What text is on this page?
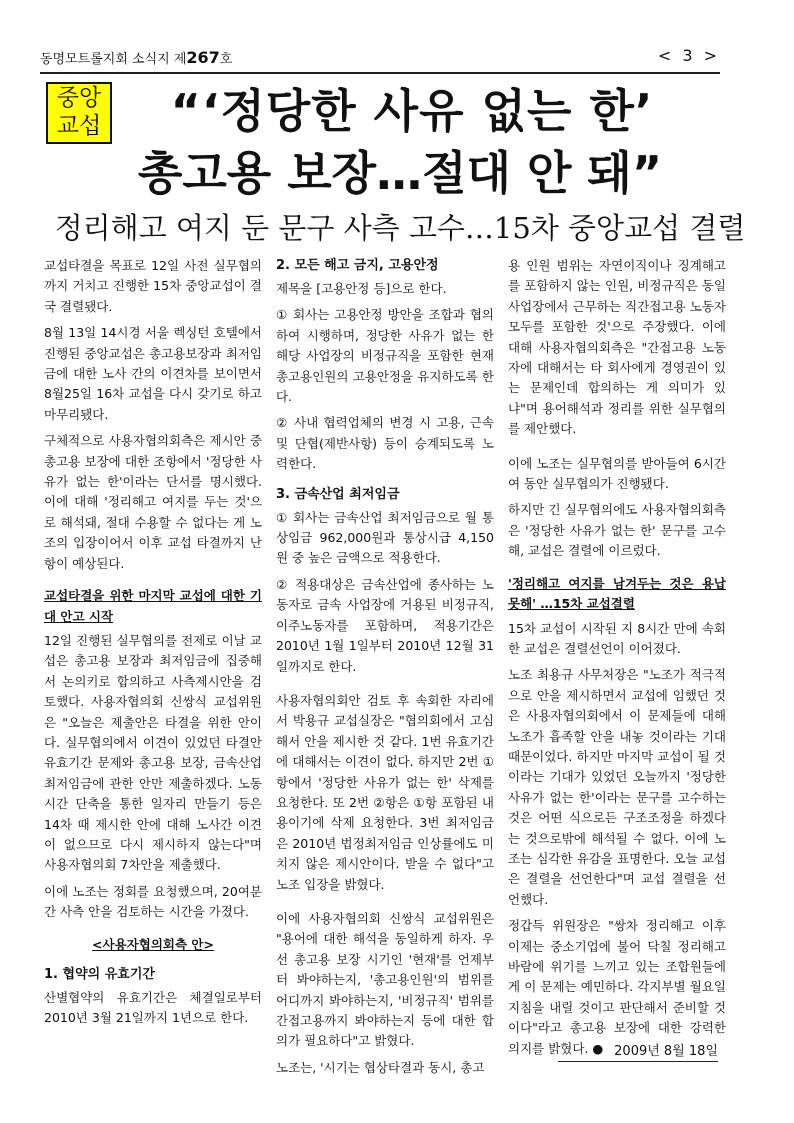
동명모트롤지회 소식지 제267호	< 3 >
중앙
교섭	“‘정당한 사유 없는 한’
총고용 보장…절대 안 돼”
정리해고 여지 둔 문구 사측 고수…15차 중앙교섭 결렬

교섭타결을 목표로 12일 사전 실무협의까지 거치고 진행한 15차 중앙교섭이 결국 결렬됐다.

8월 13일 14시경 서울 렉싱턴 호텔에서 진행된 중앙교섭은 총고용보장과 최저임금에 대한 노사 간의 이견차를 보이면서 8월25일 16차 교섭을 다시 갖기로 하고 마무리됐다.

구체적으로 사용자협의회측은 제시안 중 총고용 보장에 대한 조항에서 '정당한 사유가 없는 한'이라는 단서를 명시했다. 이에 대해 '정리해고 여지를 두는 것'으로 해석돼, 절대 수용할 수 없다는 게 노조의 입장이어서 이후 교섭 타결까지 난항이 예상된다.

교섭타결을 위한 마지막 교섭에 대한 기대 안고 시작

12일 진행된 실무협의를 전제로 이날 교섭은 총고용 보장과 최저임금에 집중해서 논의키로 합의하고 사측제시안을 검토했다. 사용자협의회 신쌍식 교섭위원은 "오늘은 제출안은 타결을 위한 안이다. 실무협의에서 이견이 있었던 타결안 유효기간 문제와 총고용 보장, 금속산업 최저임금에 관한 안만 제출하겠다. 노동시간 단축을 통한 일자리 만들기 등은 14차 때 제시한 안에 대해 노사간 이견이 없으므로 다시 제시하지 않는다"며 사용자협의회 7차안을 제출했다.

이에 노조는 정회를 요청했으며, 20여분 간 사측 안을 검토하는 시간을 가졌다.

<사용자협의회측 안>
1. 협약의 유효기간

산별협약의 유효기간은 체결일로부터 2010년 3월 21일까지 1년으로 한다.

2. 모든 해고 금지, 고용안정

제목을 [고용안정 등]으로 한다.

① 회사는 고용안정 방안을 조합과 협의하여 시행하며, 정당한 사유가 없는 한 해당 사업장의 비정규직을 포함한 현재 총고용인원의 고용안정을 유지하도록 한다.

② 사내 협력업체의 변경 시 고용, 근속 및 단협(제반사항) 등이 승계되도록 노력한다.

3. 금속산업 최저임금

① 회사는 금속산업 최저임금으로 월 통상임금 962,000원과 통상시급 4,150원 중 높은 금액으로 적용한다.

② 적용대상은 금속산업에 종사하는 노동자로 금속 사업장에 거용된 비정규직, 이주노동자를 포함하며, 적용기간은 2010년 1월 1일부터 2010년 12월 31일까지로 한다.

사용자협의회안 검토 후 속회한 자리에서 박용규 교섭실장은 "협의회에서 고심해서 안을 제시한 것 같다. 1번 유효기간에 대해서는 이견이 없다. 하지만 2번 ①항에서 '정당한 사유가 없는 한' 삭제를 요청한다. 또 2번 ②항은 ①항 포함된 내용이기에 삭제 요청한다. 3번 최저임금은 2010년 법정최저임금 인상률에도 미치지 않은 제시안이다. 받을 수 없다"고 노조 입장을 밝혔다.

이에 사용자협의회 신쌍식 교섭위원은 "용어에 대한 해석을 동일하게 하자. 우선 총고용 보장 시기인 '현재'를 언제부터 봐야하는지, '총고용인원'의 범위를 어디까지 봐야하는지, '비정규직' 범위를 간접고용까지 봐야하는지 등에 대한 합의가 필요하다"고 밝혔다.

노조는, '시기는 협상타결과 동시, 총고

용 인원 범위는 자연이직이나 징계해고를 포함하지 않는 인원, 비정규직은 동일사업장에서 근무하는 직간접고용 노동자 모두를 포함한 것'으로 주장했다. 이에 대해 사용자협의회측은 "간접고용 노동자에 대해서는 타 회사에게 경영권이 있는 문제인데 합의하는 게 의미가 있냐"며 용어해석과 정리를 위한 실무협의를 제안했다.

이에 노조는 실무협의를 받아들여 6시간여 동안 실무협의가 진행됐다.

하지만 긴 실무협의에도 사용자협의회측은 '정당한 사유가 없는 한' 문구를 고수해, 교섭은 결렬에 이르렀다.

'정리해고 여지를 남겨두는 것은 용납 못해' …15차 교섭결렬

15차 교섭이 시작된 지 8시간 만에 속회한 교섭은 결렬선언이 이어졌다.

노조 최용규 사무처장은 "노조가 적극적으로 안을 제시하면서 교섭에 임했던 것은 사용자협의회에서 이 문제들에 대해 노조가 흡족할 안을 내놓 것이라는 기대 때문이었다. 하지만 마지막 교섭이 될 것이라는 기대가 있었던 오늘까지 '정당한 사유가 없는 한'이라는 문구를 고수하는 것은 어떤 식으로든 구조조정을 하겠다는 것으로밖에 해석될 수 없다. 이에 노조는 심각한 유감을 표명한다. 오늘 교섭은 결렬을 선언한다"며 교섭 결렬을 선언했다.

정갑득 위원장은 "쌍차 정리해고 이후 이제는 중소기업에 불어 닥칠 정리해고 바람에 위기를 느끼고 있는 조합원들에게 이 문제는 예민하다. 각지부별 월요일 지침을 내릴 것이고 판단해서 준비할 것이다"라고 총고용 보장에 대한 강력한 의지를 밝혔다. ● 2009년 8월 18일
